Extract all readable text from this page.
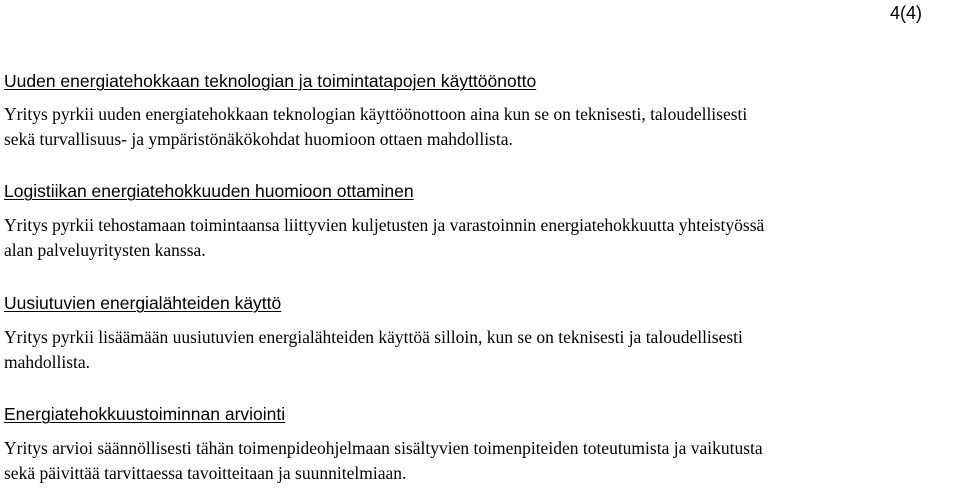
4(4)
Uuden energiatehokkaan teknologian ja toimintatapojen käyttöönotto

Yritys pyrkii uuden energiatehokkaan teknologian käyttöönottoon aina kun se on teknisesti, taloudellisesti
sekä turvallisuus- ja ympäristönäkökohdat huomioon ottaen mahdollista.

Logistiikan energiatehokkuuden huomioon ottaminen

Yritys pyrkii tehostamaan toimintaansa liittyvien kuljetusten ja varastoinnin energiatehokkuutta yhteistyössä
alan palveluyritysten kanssa.

Uusiutuvien energialähteiden käyttö

Yritys pyrkii lisäämään uusiutuvien energialähteiden käyttöä silloin, kun se on teknisesti ja taloudellisesti
mahdollista.

Energiatehokkuustoiminnan arviointi

Yritys arvioi säännöllisesti tähän toimenpideohjelmaan sisältyvien toimenpiteiden toteutumista ja vaikutusta
sekä päivittää tarvittaessa tavoitteitaan ja suunnitelmiaan.
